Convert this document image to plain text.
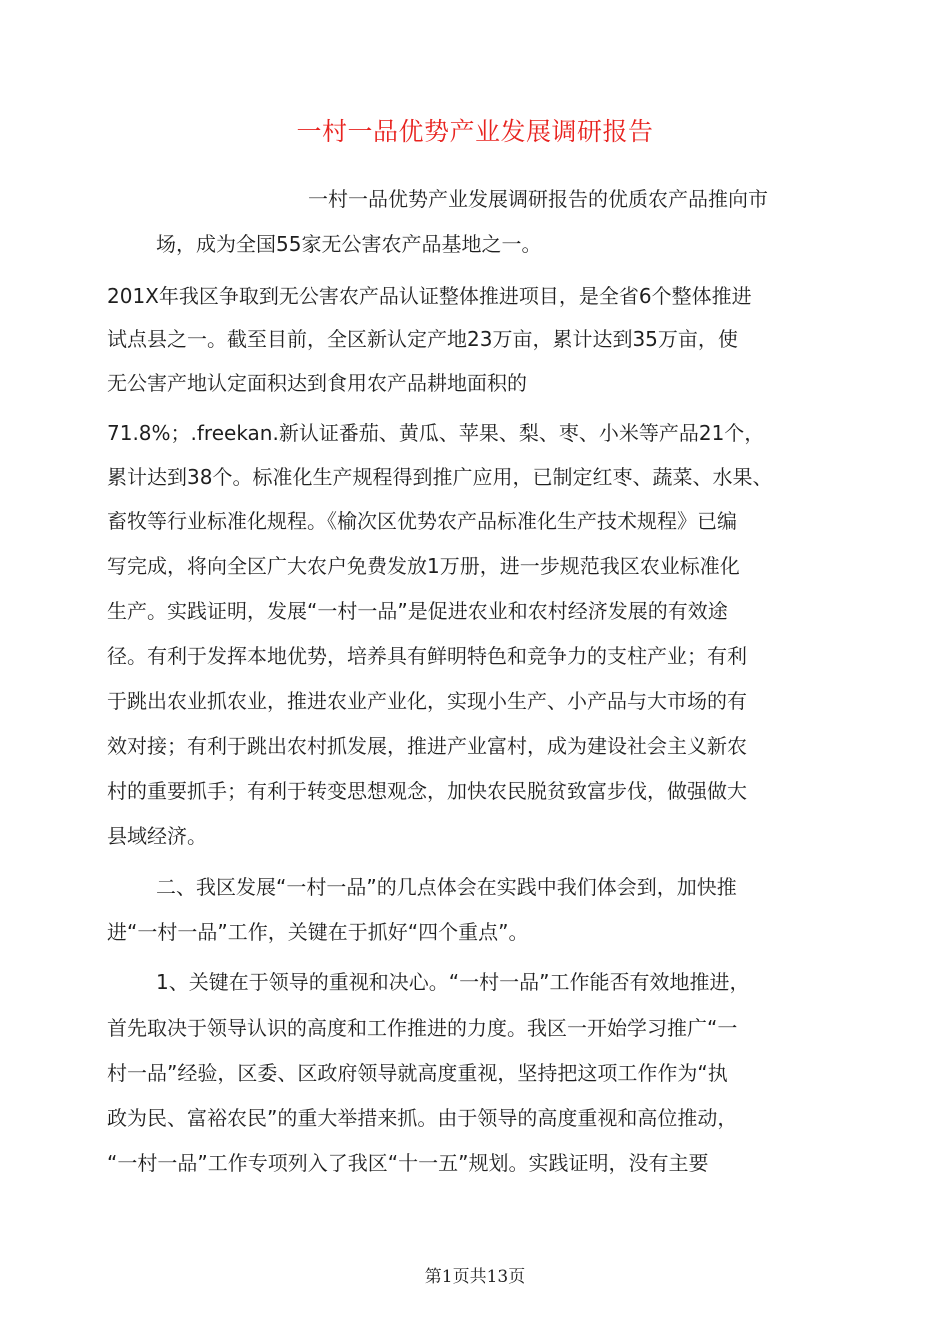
一村一品优势产业发展调研报告
一村一品优势产业发展调研报告的优质农产品推向市
场，成为全国55家无公害农产品基地之一。
201X年我区争取到无公害农产品认证整体推进项目，是全省6个整体推进
试点县之一。截至目前，全区新认定产地23万亩，累计达到35万亩，使
无公害产地认定面积达到食用农产品耕地面积的
71.8%；.freekan.新认证番茄、黄瓜、苹果、梨、枣、小米等产品21个，
累计达到38个。标准化生产规程得到推广应用，已制定红枣、蔬菜、水果、
畜牧等行业标准化规程。《榆次区优势农产品标准化生产技术规程》已编
写完成，将向全区广大农户免费发放1万册，进一步规范我区农业标准化
生产。实践证明，发展“一村一品”是促进农业和农村经济发展的有效途
径。有利于发挥本地优势，培养具有鲜明特色和竞争力的支柱产业；有利
于跳出农业抓农业，推进农业产业化，实现小生产、小产品与大市场的有
效对接；有利于跳出农村抓发展，推进产业富村，成为建设社会主义新农
村的重要抓手；有利于转变思想观念，加快农民脱贫致富步伐，做强做大
县域经济。
二、我区发展“一村一品”的几点体会在实践中我们体会到，加快推
进“一村一品”工作，关键在于抓好“四个重点”。
1、关键在于领导的重视和决心。“一村一品”工作能否有效地推进，
首先取决于领导认识的高度和工作推进的力度。我区一开始学习推广“一
村一品”经验，区委、区政府领导就高度重视，坚持把这项工作作为“执
政为民、富裕农民”的重大举措来抓。由于领导的高度重视和高位推动，
“一村一品”工作专项列入了我区“十一五”规划。实践证明，没有主要
第1页共13页
